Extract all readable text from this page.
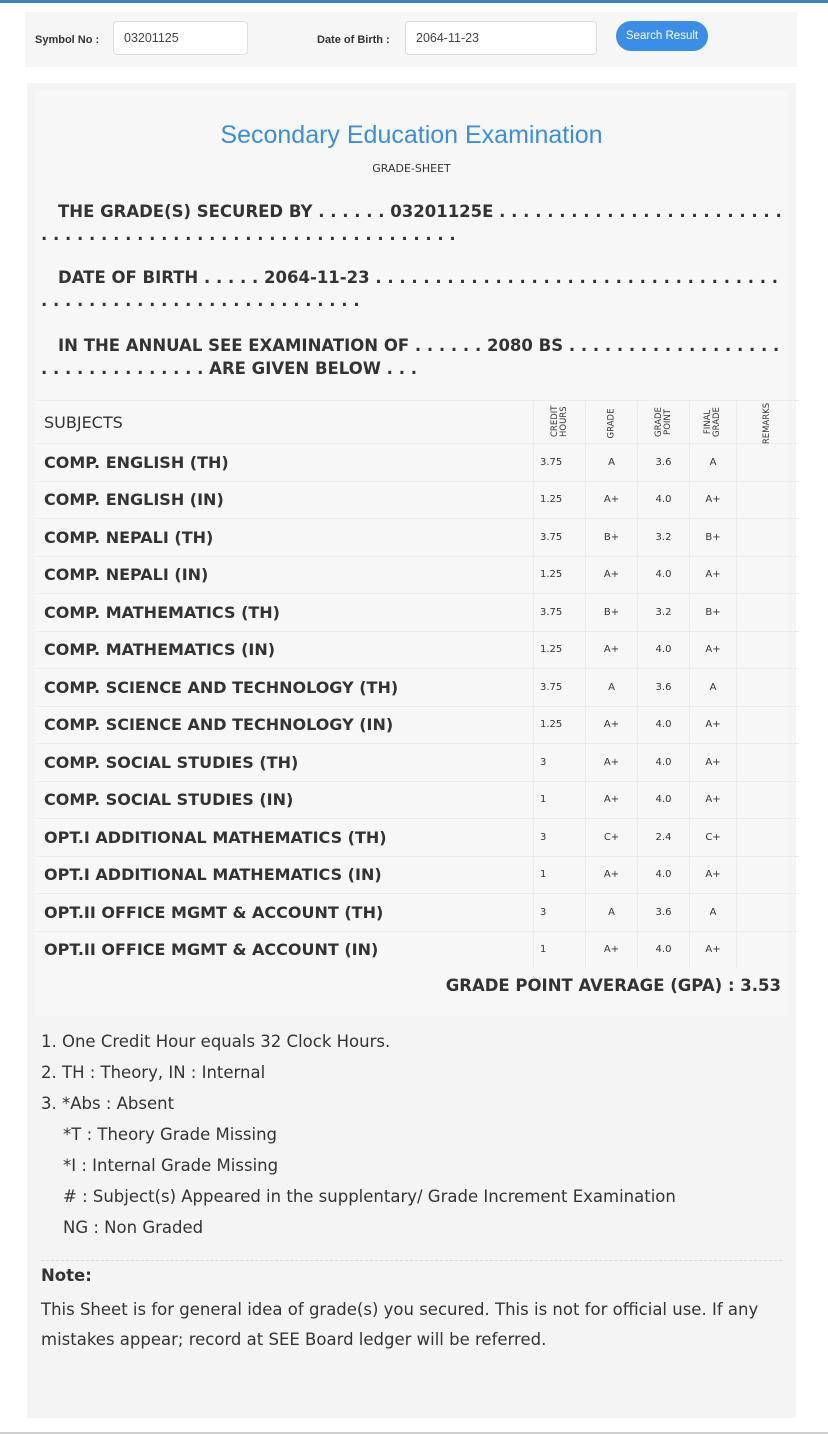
Symbol No :	03201125	Date of Birth :	2064-11-23	Search Result
Secondary Education Examination
GRADE-SHEET
THE GRADE(S) SECURED BY . . . . . . 03201125E . . . . . . . . . . . . . . . . . . . . . . . . . . . . . . . . . . . . . . . . . . . . . . . . . . . . . . . . . . .
DATE OF BIRTH . . . . . 2064-11-23 . . . . . . . . . . . . . . . . . . . . . . . . . . . . . . . . . . . . . . . . . . . . . . . . . . . . . . . . . . . . .
IN THE ANNUAL SEE EXAMINATION OF . . . . . . 2080 BS . . . . . . . . . . . . . . . . . . . . . . . . . . . . . . . . ARE GIVEN BELOW . . .
SUBJECTS	CREDIT HOURS	GRADE	GRADE POINT	FINAL GRADE	REMARKS
COMP. ENGLISH (TH)	3.75	A	3.6	A	
COMP. ENGLISH (IN)	1.25	A+	4.0	A+	
COMP. NEPALI (TH)	3.75	B+	3.2	B+	
COMP. NEPALI (IN)	1.25	A+	4.0	A+	
COMP. MATHEMATICS (TH)	3.75	B+	3.2	B+	
COMP. MATHEMATICS (IN)	1.25	A+	4.0	A+	
COMP. SCIENCE AND TECHNOLOGY (TH)	3.75	A	3.6	A	
COMP. SCIENCE AND TECHNOLOGY (IN)	1.25	A+	4.0	A+	
COMP. SOCIAL STUDIES (TH)	3	A+	4.0	A+	
COMP. SOCIAL STUDIES (IN)	1	A+	4.0	A+	
OPT.I ADDITIONAL MATHEMATICS (TH)	3	C+	2.4	C+	
OPT.I ADDITIONAL MATHEMATICS (IN)	1	A+	4.0	A+	
OPT.II OFFICE MGMT & ACCOUNT (TH)	3	A	3.6	A	
OPT.II OFFICE MGMT & ACCOUNT (IN)	1	A+	4.0	A+	
GRADE POINT AVERAGE (GPA) : 3.53
1. One Credit Hour equals 32 Clock Hours.
2. TH : Theory, IN : Internal
3. *Abs : Absent
*T : Theory Grade Missing
*I : Internal Grade Missing
# : Subject(s) Appeared in the supplentary/ Grade Increment Examination
NG : Non Graded
Note:
This Sheet is for general idea of grade(s) you secured. This is not for official use. If any mistakes appear; record at SEE Board ledger will be referred.
